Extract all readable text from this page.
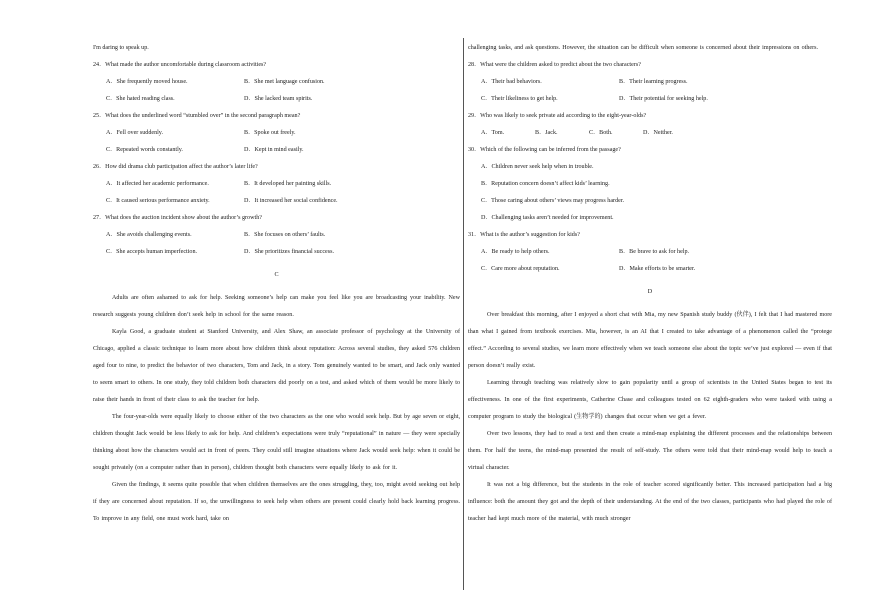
I'm daring to speak up.
24．What made the author uncomfortable during classroom activities?
A．She frequently moved house.	B．She met language confusion.
C．She hated reading class.	D．She lacked team spirits.
25．What does the underlined word “stumbled over” in the second paragraph mean?
A．Fell over suddenly.	B．Spoke out freely.
C．Repeated words constantly.	D．Kept in mind easily.
26．How did drama club participation affect the author’s later life?
A．It affected her academic performance.	B．It developed her painting skills.
C．It caused serious performance anxiety.	D．It increased her social confidence.
27．What does the auction incident show about the author’s growth?
A．She avoids challenging events.	B．She focuses on others’ faults.
C．She accepts human imperfection.	D．She prioritizes financial success.
C
Adults are often ashamed to ask for help. Seeking someone’s help can make you feel like you are broadcasting your inability. New research suggests young children don’t seek help in school for the same reason.
Kayla Good, a graduate student at Stanford University, and Alex Shaw, an associate professor of psychology at the University of Chicago, applied a classic technique to learn more about how children think about reputation: Across several studies, they asked 576 children aged four to nine, to predict the behavior of two characters, Tom and Jack, in a story. Tom genuinely wanted to be smart, and Jack only wanted to seem smart to others. In one study, they told children both characters did poorly on a test, and asked which of them would be more likely to raise their hands in front of their class to ask the teacher for help.
The four-year-olds were equally likely to choose either of the two characters as the one who would seek help. But by age seven or eight, children thought Jack would be less likely to ask for help. And children’s expectations were truly “reputational” in nature — they were specially thinking about how the characters would act in front of peers. They could still imagine situations where Jack would seek help: when it could be sought privately (on a computer rather than in person), children thought both characters were equally likely to ask for it.
Given the findings, it seems quite possible that when children themselves are the ones struggling, they, too, might avoid seeking out help if they are concerned about reputation. If so, the unwillingness to seek help when others are present could clearly hold back learning progress. To improve in any field, one must work hard, take on
challenging tasks, and ask questions. However, the situation can be difficult when someone is concerned about their impressions on others.
28．What were the children asked to predict about the two characters?
A．Their bad behaviors.	B．Their learning progress.
C．Their likeliness to get help.	D．Their potential for seeking help.
29．Who was likely to seek private aid according to the eight-year-olds?
A．Tom.	B．Jack.	C．Both.	D．Neither.
30．Which of the following can be inferred from the passage?
A．Children never seek help when in trouble.
B．Reputation concern doesn’t affect kids’ learning.
C．Those caring about others’ views may progress harder.
D．Challenging tasks aren’t needed for improvement.
31．What is the author’s suggestion for kids?
A．Be ready to help others.	B．Be brave to ask for help.
C．Care more about reputation.	D．Make efforts to be smarter.
D
Over breakfast this morning, after I enjoyed a short chat with Mia, my new Spanish study buddy (伙伴), I felt that I had mastered more than what I gained from textbook exercises. Mia, however, is an AI that I created to take advantage of a phenomenon called the “protege effect.” According to several studies, we learn more effectively when we teach someone else about the topic we’ve just explored — even if that person doesn’t really exist.
Learning through teaching was relatively slow to gain popularity until a group of scientists in the United States began to test its effectiveness. In one of the first experiments, Catherine Chase and colleagues tested on 62 eighth-graders who were tasked with using a computer program to study the biological (生物学的) changes that occur when we get a fever.
Over two lessons, they had to read a text and then create a mind-map explaining the different processes and the relationships between them. For half the teens, the mind-map presented the result of self-study. The others were told that their mind-map would help to teach a virtual character.
It was not a big difference, but the students in the role of teacher scored significantly better. This increased participation had a big influence: both the amount they got and the depth of their understanding. At the end of the two classes, participants who had played the role of teacher had kept much more of the material, with much stronger
